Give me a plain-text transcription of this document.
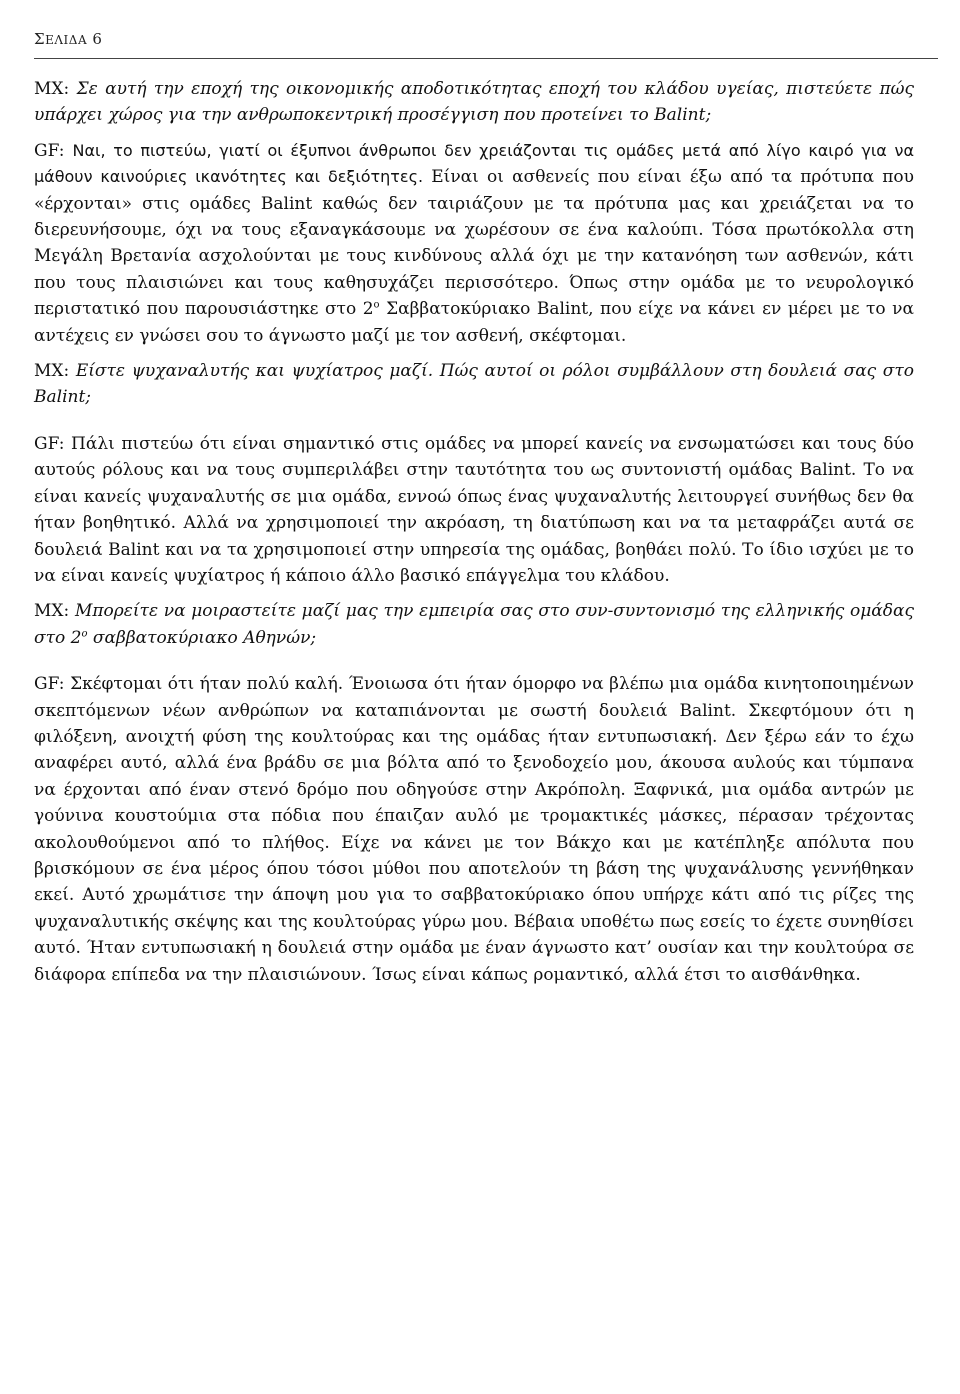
ΣΕΛΙΔΑ 6

ΜΧ: Σε αυτή την εποχή της οικονομικής αποδοτικότητας εποχή του κλάδου υγείας, πιστεύετε πώς υπάρχει χώρος για την ανθρωποκεντρική προσέγγιση που προτείνει το Balint;

GF: Ναι, το πιστεύω, γιατί οι έξυπνοι άνθρωποι δεν χρειάζονται τις ομάδες μετά από λίγο καιρό για να μάθουν καινούριες ικανότητες και δεξιότητες. Είναι οι ασθενείς που είναι έξω από τα πρότυπα που «έρχονται» στις ομάδες Balint καθώς δεν ταιριάζουν με τα πρότυπα μας και χρειάζεται να το διερευνήσουμε, όχι να τους εξαναγκάσουμε να χωρέσουν σε ένα καλούπι. Τόσα πρωτόκολλα στη Μεγάλη Βρετανία ασχολούνται με τους κινδύνους αλλά όχι με την κατανόηση των ασθενών, κάτι που τους πλαισιώνει και τους καθησυχάζει περισσότερο. Όπως στην ομάδα με το νευρολογικό περιστατικό που παρουσιάστηκε στο $2^o$ Σαββατοκύριακο Balint, που είχε να κάνει εν μέρει με το να αντέχεις εν γνώσει σου το άγνωστο μαζί με τον ασθενή, σκέφτομαι.

ΜΧ: Είστε ψυχαναλυτής και ψυχίατρος μαζί. Πώς αυτοί οι ρόλοι συμβάλλουν στη δουλειά σας στο Balint;

GF: Πάλι πιστεύω ότι είναι σημαντικό στις ομάδες να μπορεί κανείς να ενσωματώσει και τους δύο αυτούς ρόλους και να τους συμπεριλάβει στην ταυτότητα του ως συντονιστή ομάδας Balint. Το να είναι κανείς ψυχαναλυτής σε μια ομάδα, εννοώ όπως ένας ψυχαναλυτής λειτουργεί συνήθως δεν θα ήταν βοηθητικό. Αλλά να χρησιμοποιεί την ακρόαση, τη διατύπωση και να τα μεταφράζει αυτά σε δουλειά Balint και να τα χρησιμοποιεί στην υπηρεσία της ομάδας, βοηθάει πολύ. Το ίδιο ισχύει με το να είναι κανείς ψυχίατρος ή κάποιο άλλο βασικό επάγγελμα του κλάδου.

ΜΧ: Μπορείτε να μοιραστείτε μαζί μας την εμπειρία σας στο συν-συντονισμό της ελληνικής ομάδας στο $2^o$ σαββατοκύριακο Αθηνών;

GF: Σκέφτομαι ότι ήταν πολύ καλή. Ένοιωσα ότι ήταν όμορφο να βλέπω μια ομάδα κινητοποιημένων σκεπτόμενων νέων ανθρώπων να καταπιάνονται με σωστή δουλειά Balint. Σκεφτόμουν ότι η φιλόξενη, ανοιχτή φύση της κουλτούρας και της ομάδας ήταν εντυπωσιακή. Δεν ξέρω εάν το έχω αναφέρει αυτό, αλλά ένα βράδυ σε μια βόλτα από το ξενοδοχείο μου, άκουσα αυλούς και τύμπανα να έρχονται από έναν στενό δρόμο που οδηγούσε στην Ακρόπολη. Ξαφνικά, μια ομάδα αντρών με γούνινα κουστούμια στα πόδια που έπαιζαν αυλό με τρομακτικές μάσκες, πέρασαν τρέχοντας ακολουθούμενοι από το πλήθος. Είχε να κάνει με τον Βάκχο και με κατέπληξε απόλυτα που βρισκόμουν σε ένα μέρος όπου τόσοι μύθοι που αποτελούν τη βάση της ψυχανάλυσης γεννήθηκαν εκεί. Αυτό χρωμάτισε την άποψη μου για το σαββατοκύριακο όπου υπήρχε κάτι από τις ρίζες της ψυχαναλυτικής σκέψης και της κουλτούρας γύρω μου. Βέβαια υποθέτω πως εσείς το έχετε συνηθίσει αυτό. Ήταν εντυπωσιακή η δουλειά στην ομάδα με έναν άγνωστο κατ’ ουσίαν και την κουλτούρα σε διάφορα επίπεδα να την πλαισιώνουν. Ίσως είναι κάπως ρομαντικό, αλλά έτσι το αισθάνθηκα.
